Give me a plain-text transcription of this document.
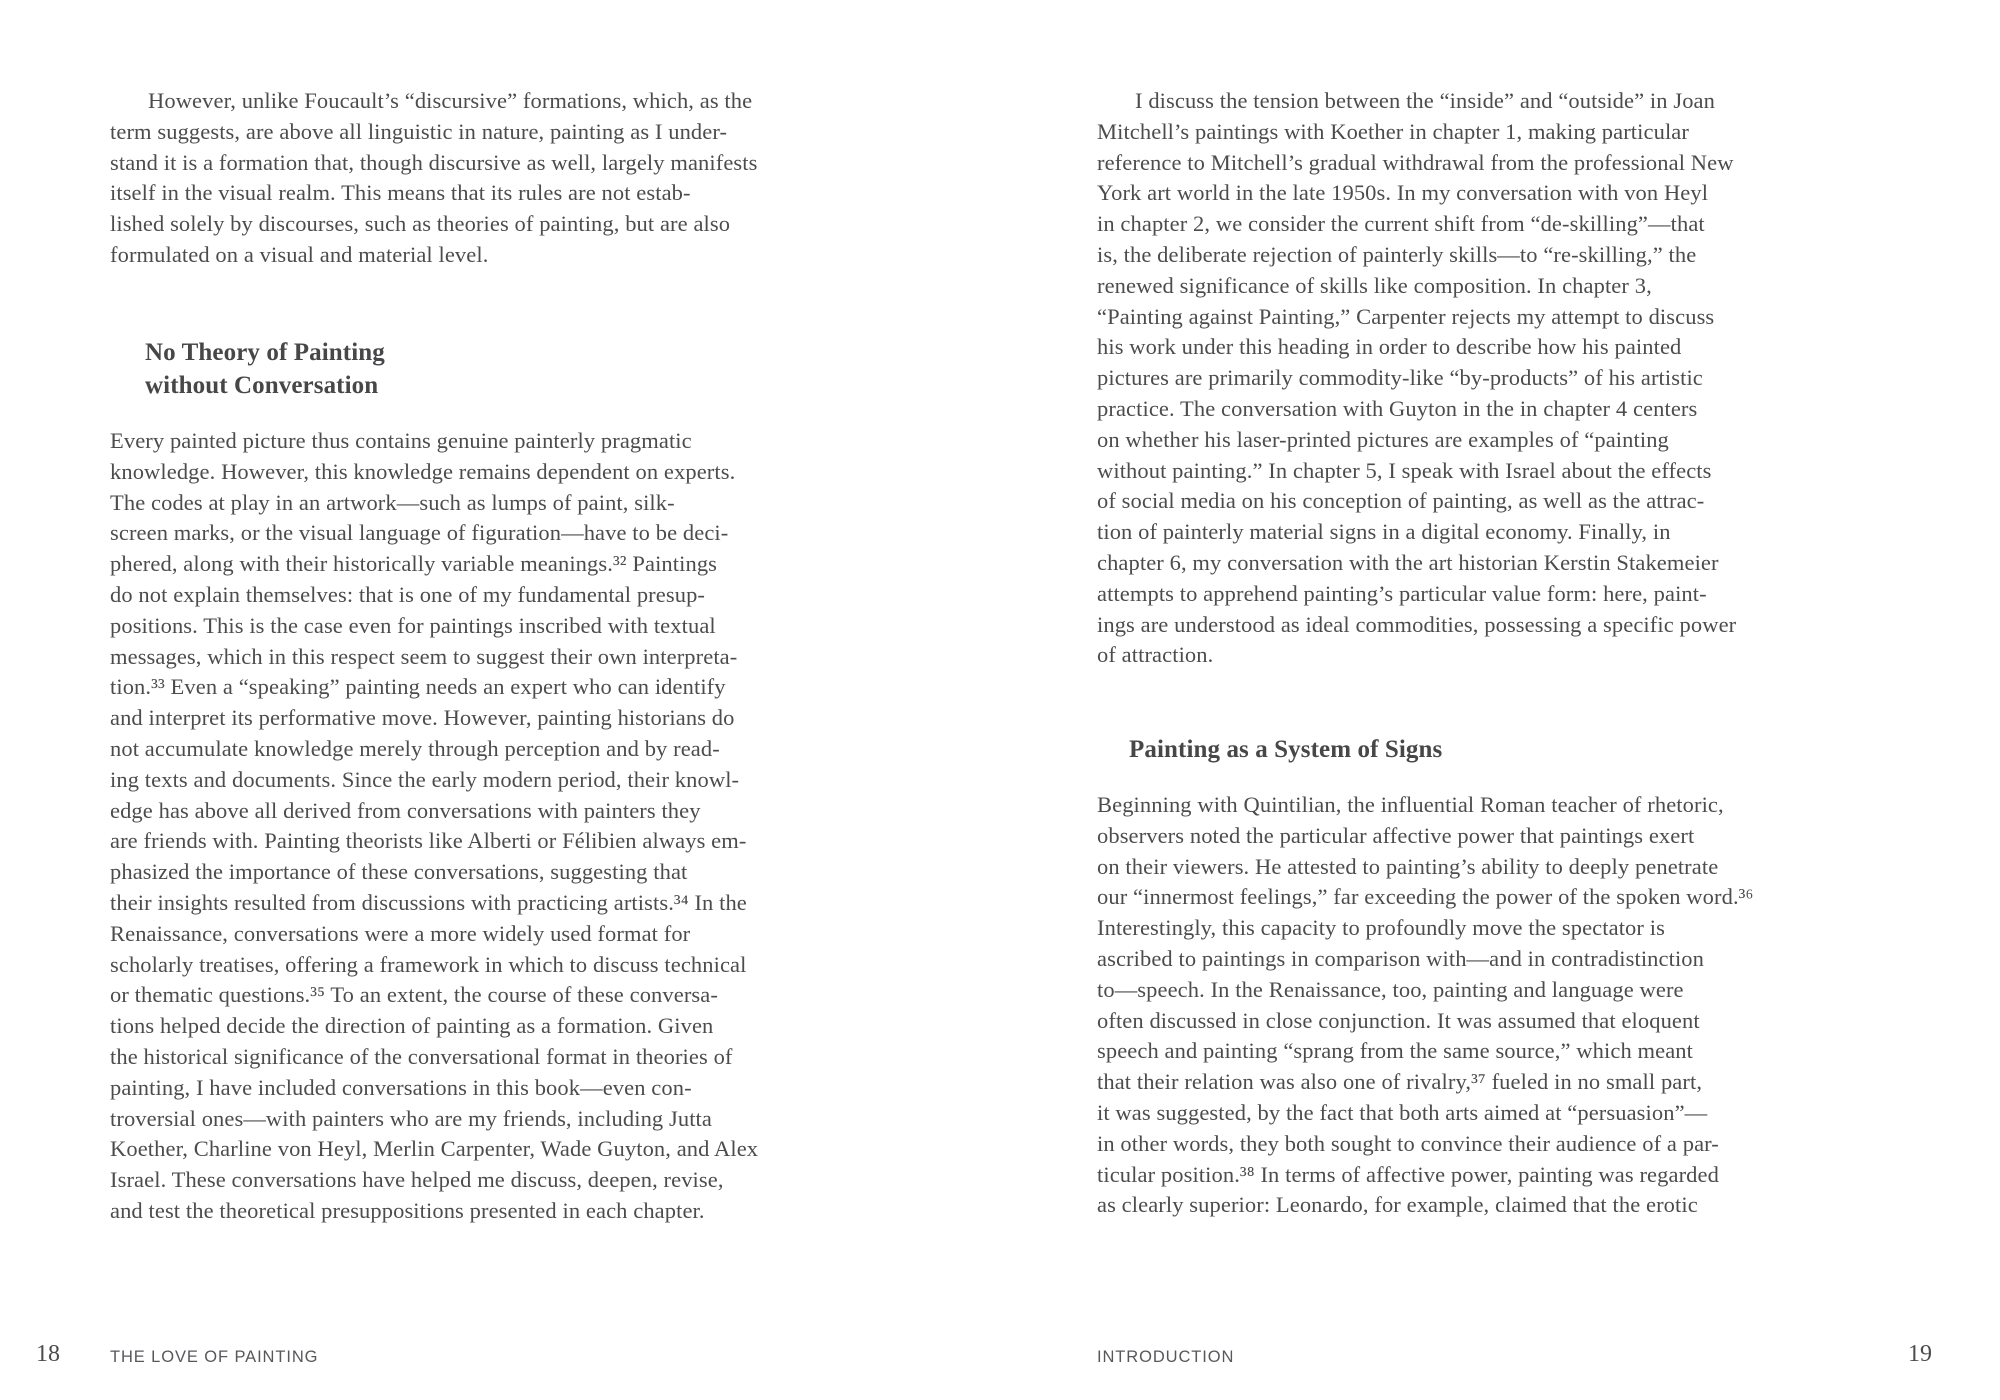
However, unlike Foucault’s “discursive” formations, which, as the
term suggests, are above all linguistic in nature, painting as I under-
stand it is a formation that, though discursive as well, largely manifests
itself in the visual realm. This means that its rules are not estab-
lished solely by discourses, such as theories of painting, but are also
formulated on a visual and material level.
No Theory of Painting
without Conversation
Every painted picture thus contains genuine painterly pragmatic
knowledge. However, this knowledge remains dependent on experts.
The codes at play in an artwork—such as lumps of paint, silk-
screen marks, or the visual language of figuration—have to be deci-
phered, along with their historically variable meanings.³² Paintings
do not explain themselves: that is one of my fundamental presup-
positions. This is the case even for paintings inscribed with textual
messages, which in this respect seem to suggest their own interpreta-
tion.³³ Even a “speaking” painting needs an expert who can identify
and interpret its performative move. However, painting historians do
not accumulate knowledge merely through perception and by read-
ing texts and documents. Since the early modern period, their knowl-
edge has above all derived from conversations with painters they
are friends with. Painting theorists like Alberti or Félibien always em-
phasized the importance of these conversations, suggesting that
their insights resulted from discussions with practicing artists.³⁴ In the
Renaissance, conversations were a more widely used format for
scholarly treatises, offering a framework in which to discuss technical
or thematic questions.³⁵ To an extent, the course of these conversa-
tions helped decide the direction of painting as a formation. Given
the historical significance of the conversational format in theories of
painting, I have included conversations in this book—even con-
troversial ones—with painters who are my friends, including Jutta
Koether, Charline von Heyl, Merlin Carpenter, Wade Guyton, and Alex
Israel. These conversations have helped me discuss, deepen, revise,
and test the theoretical presuppositions presented in each chapter.
18	THE LOVE OF PAINTING
I discuss the tension between the “inside” and “outside” in Joan
Mitchell’s paintings with Koether in chapter 1, making particular
reference to Mitchell’s gradual withdrawal from the professional New
York art world in the late 1950s. In my conversation with von Heyl
in chapter 2, we consider the current shift from “de-skilling”—that
is, the deliberate rejection of painterly skills—to “re-skilling,” the
renewed significance of skills like composition. In chapter 3,
“Painting against Painting,” Carpenter rejects my attempt to discuss
his work under this heading in order to describe how his painted
pictures are primarily commodity-like “by-products” of his artistic
practice. The conversation with Guyton in the in chapter 4 centers
on whether his laser-printed pictures are examples of “painting
without painting.” In chapter 5, I speak with Israel about the effects
of social media on his conception of painting, as well as the attrac-
tion of painterly material signs in a digital economy. Finally, in
chapter 6, my conversation with the art historian Kerstin Stakemeier
attempts to apprehend painting’s particular value form: here, paint-
ings are understood as ideal commodities, possessing a specific power
of attraction.
Painting as a System of Signs
Beginning with Quintilian, the influential Roman teacher of rhetoric,
observers noted the particular affective power that paintings exert
on their viewers. He attested to painting’s ability to deeply penetrate
our “innermost feelings,” far exceeding the power of the spoken word.³⁶
Interestingly, this capacity to profoundly move the spectator is
ascribed to paintings in comparison with—and in contradistinction
to—speech. In the Renaissance, too, painting and language were
often discussed in close conjunction. It was assumed that eloquent
speech and painting “sprang from the same source,” which meant
that their relation was also one of rivalry,³⁷ fueled in no small part,
it was suggested, by the fact that both arts aimed at “persuasion”—
in other words, they both sought to convince their audience of a par-
ticular position.³⁸ In terms of affective power, painting was regarded
as clearly superior: Leonardo, for example, claimed that the erotic
INTRODUCTION	19
